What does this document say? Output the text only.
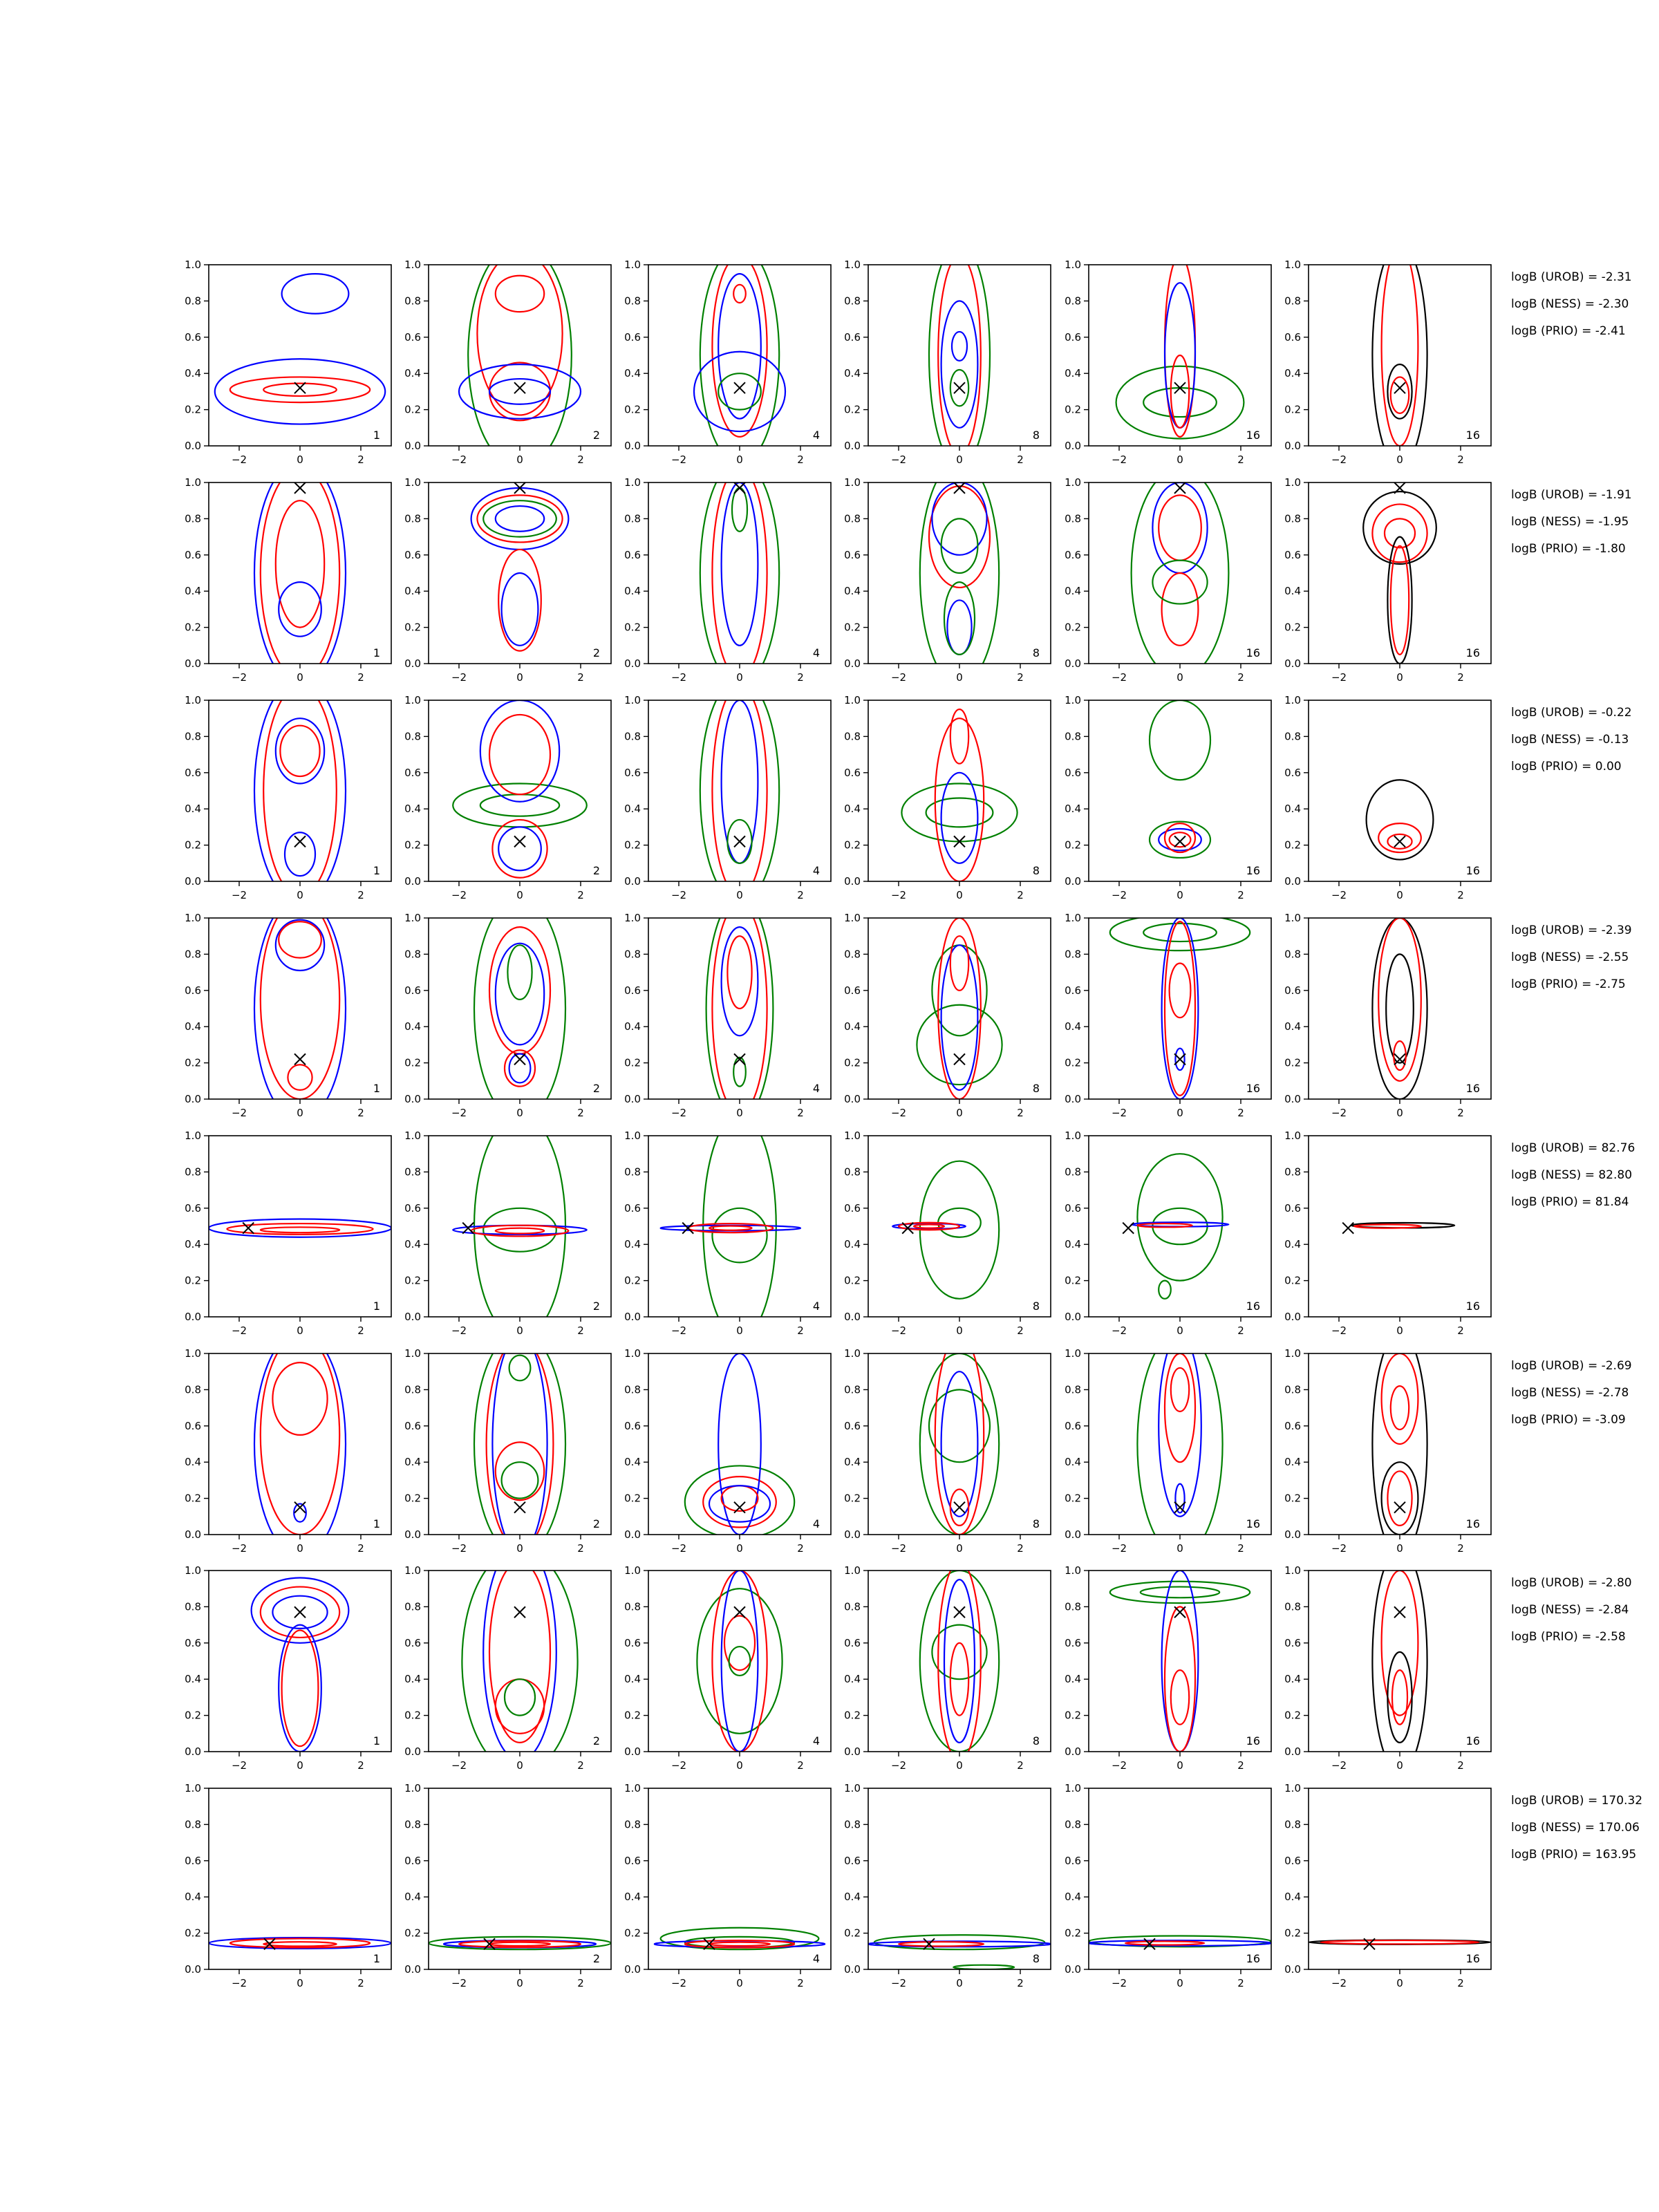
0.0
0.2
0.4
0.6
0.8
1.0
−2	0	2
1
0.0
0.2
0.4
0.6
0.8
1.0
−2	0	2
2
0.0
0.2
0.4
0.6
0.8
1.0
−2	0	2
4
0.0
0.2
0.4
0.6
0.8
1.0
−2	0	2
8
0.0
0.2
0.4
0.6
0.8
1.0
−2	0	2
16
0.0
0.2
0.4
0.6
0.8
1.0
−2	0	2
16
0.0
0.2
0.4
0.6
0.8
1.0
−2	0	2
1
0.0
0.2
0.4
0.6
0.8
1.0
−2	0	2
2
0.0
0.2
0.4
0.6
0.8
1.0
−2	0	2
4
0.0
0.2
0.4
0.6
0.8
1.0
−2	0	2
8
0.0
0.2
0.4
0.6
0.8
1.0
−2	0	2
16
0.0
0.2
0.4
0.6
0.8
1.0
−2	0	2
16
0.0
0.2
0.4
0.6
0.8
1.0
−2	0	2
1
0.0
0.2
0.4
0.6
0.8
1.0
−2	0	2
2
0.0
0.2
0.4
0.6
0.8
1.0
−2	0	2
4
0.0
0.2
0.4
0.6
0.8
1.0
−2	0	2
8
0.0
0.2
0.4
0.6
0.8
1.0
−2	0	2
16
0.0
0.2
0.4
0.6
0.8
1.0
−2	0	2
16
0.0
0.2
0.4
0.6
0.8
1.0
−2	0	2
1
0.0
0.2
0.4
0.6
0.8
1.0
−2	0	2
2
0.0
0.2
0.4
0.6
0.8
1.0
−2	0	2
4
0.0
0.2
0.4
0.6
0.8
1.0
−2	0	2
8
0.0
0.2
0.4
0.6
0.8
1.0
−2	0	2
16
0.0
0.2
0.4
0.6
0.8
1.0
−2	0	2
16
0.0
0.2
0.4
0.6
0.8
1.0
−2	0	2
1
0.0
0.2
0.4
0.6
0.8
1.0
−2	0	2
2
0.0
0.2
0.4
0.6
0.8
1.0
−2	0	2
4
0.0
0.2
0.4
0.6
0.8
1.0
−2	0	2
8
0.0
0.2
0.4
0.6
0.8
1.0
−2	0	2
16
0.0
0.2
0.4
0.6
0.8
1.0
−2	0	2
16
0.0
0.2
0.4
0.6
0.8
1.0
−2	0	2
1
0.0
0.2
0.4
0.6
0.8
1.0
−2	0	2
2
0.0
0.2
0.4
0.6
0.8
1.0
−2	0	2
4
0.0
0.2
0.4
0.6
0.8
1.0
−2	0	2
8
0.0
0.2
0.4
0.6
0.8
1.0
−2	0	2
16
0.0
0.2
0.4
0.6
0.8
1.0
−2	0	2
16
0.0
0.2
0.4
0.6
0.8
1.0
−2	0	2
1
0.0
0.2
0.4
0.6
0.8
1.0
−2	0	2
2
0.0
0.2
0.4
0.6
0.8
1.0
−2	0	2
4
0.0
0.2
0.4
0.6
0.8
1.0
−2	0	2
8
0.0
0.2
0.4
0.6
0.8
1.0
−2	0	2
16
0.0
0.2
0.4
0.6
0.8
1.0
−2	0	2
16
0.0
0.2
0.4
0.6
0.8
1.0
−2	0	2
1
0.0
0.2
0.4
0.6
0.8
1.0
−2	0	2
2
0.0
0.2
0.4
0.6
0.8
1.0
−2	0	2
4
0.0
0.2
0.4
0.6
0.8
1.0
−2	0	2
8
0.0
0.2
0.4
0.6
0.8
1.0
−2	0	2
16
0.0
0.2
0.4
0.6
0.8
1.0
−2	0	2
16
logB (UROB) = -2.31
logB (NESS) = -2.30
logB (PRIO) = -2.41
logB (UROB) = -1.91
logB (NESS) = -1.95
logB (PRIO) = -1.80
logB (UROB) = -0.22
logB (NESS) = -0.13
logB (PRIO) = 0.00
logB (UROB) = -2.39
logB (NESS) = -2.55
logB (PRIO) = -2.75
logB (UROB) = 82.76
logB (NESS) = 82.80
logB (PRIO) = 81.84
logB (UROB) = -2.69
logB (NESS) = -2.78
logB (PRIO) = -3.09
logB (UROB) = -2.80
logB (NESS) = -2.84
logB (PRIO) = -2.58
logB (UROB) = 170.32
logB (NESS) = 170.06
logB (PRIO) = 163.95
